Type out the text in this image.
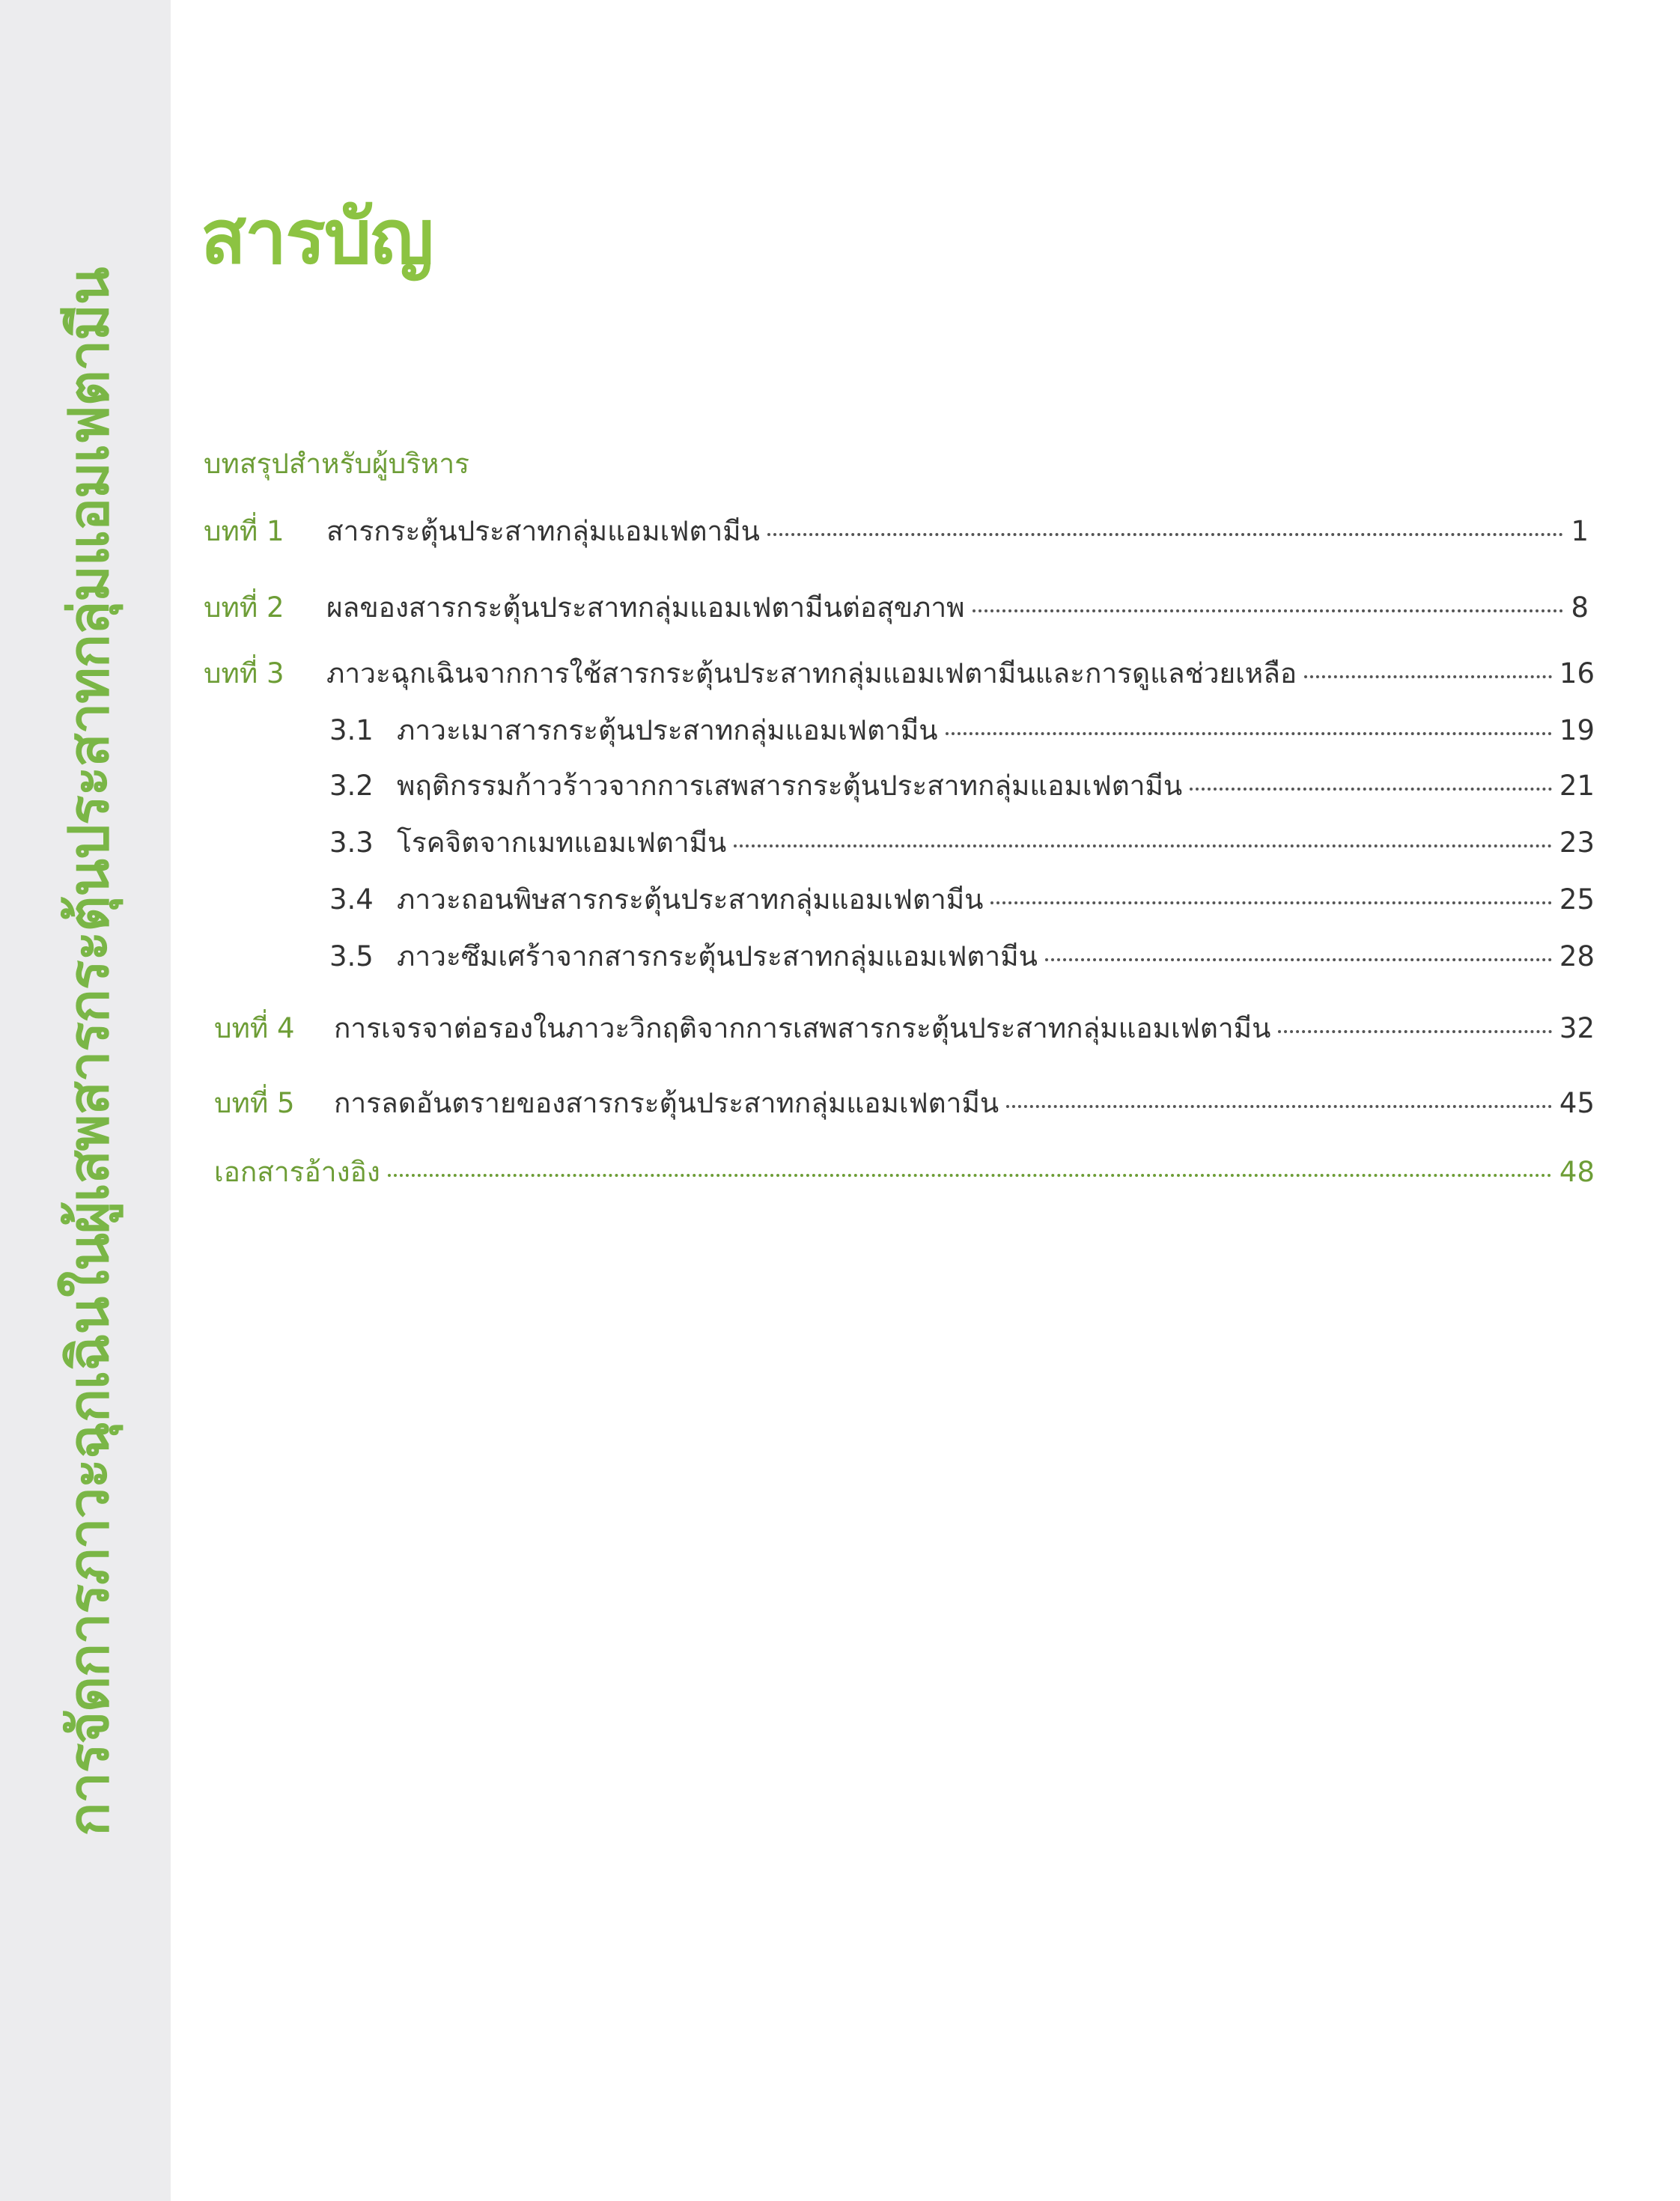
การจัดการภาวะฉุกเฉินในผู้เสพสารกระตุ้นประสาทกลุ่มแอมเฟตามีน
สารบัญ
บทสรุปสำหรับผู้บริหาร
บทที่ 1	สารกระตุ้นประสาทกลุ่มแอมเฟตามีน	1
บทที่ 2	ผลของสารกระตุ้นประสาทกลุ่มแอมเฟตามีนต่อสุขภาพ	8
บทที่ 3	ภาวะฉุกเฉินจากการใช้สารกระตุ้นประสาทกลุ่มแอมเฟตามีนและการดูแลช่วยเหลือ	16
3.1 ภาวะเมาสารกระตุ้นประสาทกลุ่มแอมเฟตามีน	19
3.2 พฤติกรรมก้าวร้าวจากการเสพสารกระตุ้นประสาทกลุ่มแอมเฟตามีน	21
3.3 โรคจิตจากเมทแอมเฟตามีน	23
3.4 ภาวะถอนพิษสารกระตุ้นประสาทกลุ่มแอมเฟตามีน	25
3.5 ภาวะซึมเศร้าจากสารกระตุ้นประสาทกลุ่มแอมเฟตามีน	28
บทที่ 4	การเจรจาต่อรองในภาวะวิกฤติจากการเสพสารกระตุ้นประสาทกลุ่มแอมเฟตามีน	32
บทที่ 5	การลดอันตรายของสารกระตุ้นประสาทกลุ่มแอมเฟตามีน	45
เอกสารอ้างอิง	48
